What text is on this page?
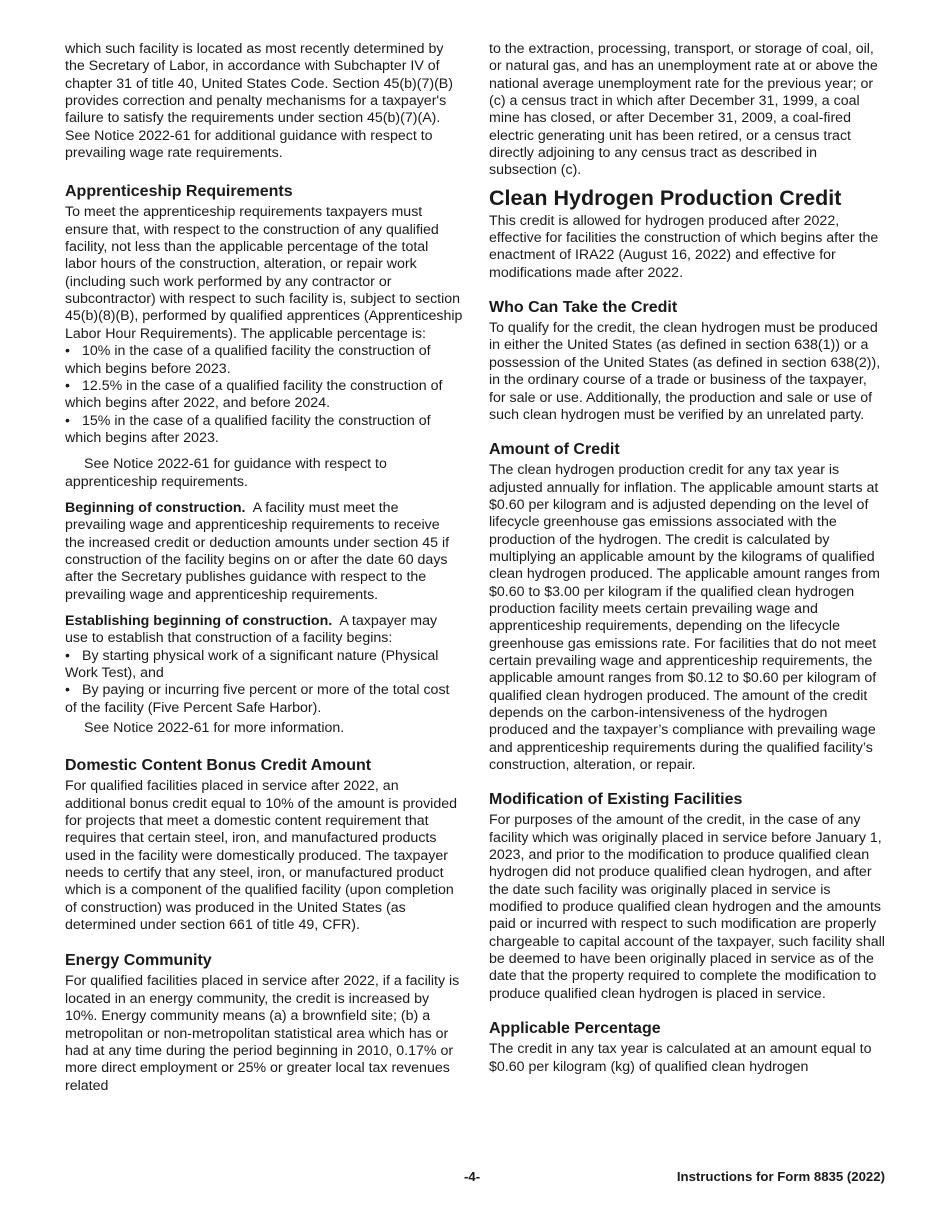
which such facility is located as most recently determined by the Secretary of Labor, in accordance with Subchapter IV of chapter 31 of title 40, United States Code. Section 45(b)(7)(B) provides correction and penalty mechanisms for a taxpayer's failure to satisfy the requirements under section 45(b)(7)(A). See Notice 2022-61 for additional guidance with respect to prevailing wage rate requirements.

Apprenticeship Requirements

To meet the apprenticeship requirements taxpayers must ensure that, with respect to the construction of any qualified facility, not less than the applicable percentage of the total labor hours of the construction, alteration, or repair work (including such work performed by any contractor or subcontractor) with respect to such facility is, subject to section 45(b)(8)(B), performed by qualified apprentices (Apprenticeship Labor Hour Requirements). The applicable percentage is:

• 10% in the case of a qualified facility the construction of which begins before 2023.
• 12.5% in the case of a qualified facility the construction of which begins after 2022, and before 2024.
• 15% in the case of a qualified facility the construction of which begins after 2023.

See Notice 2022-61 for guidance with respect to apprenticeship requirements.

Beginning of construction. A facility must meet the prevailing wage and apprenticeship requirements to receive the increased credit or deduction amounts under section 45 if construction of the facility begins on or after the date 60 days after the Secretary publishes guidance with respect to the prevailing wage and apprenticeship requirements.

Establishing beginning of construction. A taxpayer may use to establish that construction of a facility begins:

• By starting physical work of a significant nature (Physical Work Test), and
• By paying or incurring five percent or more of the total cost of the facility (Five Percent Safe Harbor).

See Notice 2022-61 for more information.

Domestic Content Bonus Credit Amount

For qualified facilities placed in service after 2022, an additional bonus credit equal to 10% of the amount is provided for projects that meet a domestic content requirement that requires that certain steel, iron, and manufactured products used in the facility were domestically produced. The taxpayer needs to certify that any steel, iron, or manufactured product which is a component of the qualified facility (upon completion of construction) was produced in the United States (as determined under section 661 of title 49, CFR).

Energy Community

For qualified facilities placed in service after 2022, if a facility is located in an energy community, the credit is increased by 10%. Energy community means (a) a brownfield site; (b) a metropolitan or non-metropolitan statistical area which has or had at any time during the period beginning in 2010, 0.17% or more direct employment or 25% or greater local tax revenues related

to the extraction, processing, transport, or storage of coal, oil, or natural gas, and has an unemployment rate at or above the national average unemployment rate for the previous year; or (c) a census tract in which after December 31, 1999, a coal mine has closed, or after December 31, 2009, a coal-fired electric generating unit has been retired, or a census tract directly adjoining to any census tract as described in subsection (c).

Clean Hydrogen Production Credit

This credit is allowed for hydrogen produced after 2022, effective for facilities the construction of which begins after the enactment of IRA22 (August 16, 2022) and effective for modifications made after 2022.

Who Can Take the Credit

To qualify for the credit, the clean hydrogen must be produced in either the United States (as defined in section 638(1)) or a possession of the United States (as defined in section 638(2)), in the ordinary course of a trade or business of the taxpayer, for sale or use. Additionally, the production and sale or use of such clean hydrogen must be verified by an unrelated party.

Amount of Credit

The clean hydrogen production credit for any tax year is adjusted annually for inflation. The applicable amount starts at $0.60 per kilogram and is adjusted depending on the level of lifecycle greenhouse gas emissions associated with the production of the hydrogen. The credit is calculated by multiplying an applicable amount by the kilograms of qualified clean hydrogen produced. The applicable amount ranges from $0.60 to $3.00 per kilogram if the qualified clean hydrogen production facility meets certain prevailing wage and apprenticeship requirements, depending on the lifecycle greenhouse gas emissions rate. For facilities that do not meet certain prevailing wage and apprenticeship requirements, the applicable amount ranges from $0.12 to $0.60 per kilogram of qualified clean hydrogen produced. The amount of the credit depends on the carbon-intensiveness of the hydrogen produced and the taxpayer’s compliance with prevailing wage and apprenticeship requirements during the qualified facility’s construction, alteration, or repair.

Modification of Existing Facilities

For purposes of the amount of the credit, in the case of any facility which was originally placed in service before January 1, 2023, and prior to the modification to produce qualified clean hydrogen did not produce qualified clean hydrogen, and after the date such facility was originally placed in service is modified to produce qualified clean hydrogen and the amounts paid or incurred with respect to such modification are properly chargeable to capital account of the taxpayer, such facility shall be deemed to have been originally placed in service as of the date that the property required to complete the modification to produce qualified clean hydrogen is placed in service.

Applicable Percentage

The credit in any tax year is calculated at an amount equal to $0.60 per kilogram (kg) of qualified clean hydrogen

-4-	Instructions for Form 8835 (2022)
